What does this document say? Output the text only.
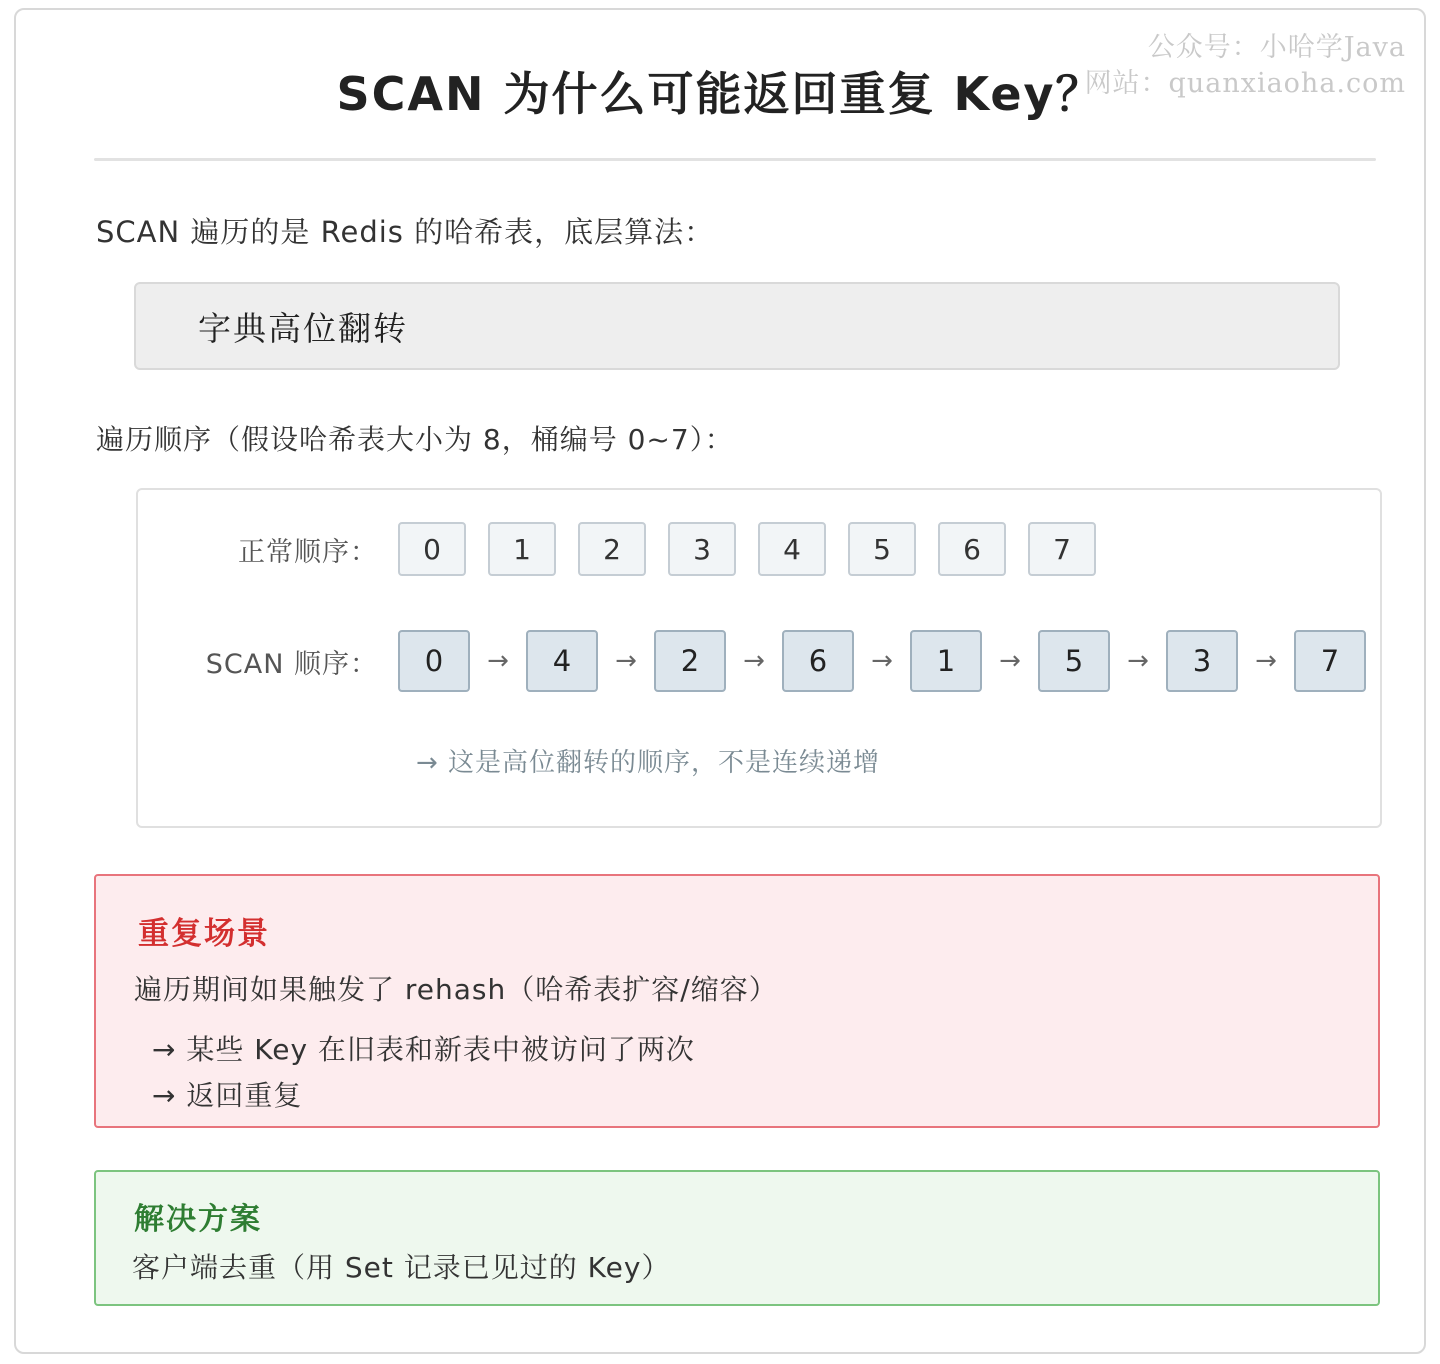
公众号：小哈学Java
网站：quanxiaoha.com
SCAN 为什么可能返回重复 Key？
SCAN 遍历的是 Redis 的哈希表，底层算法：
字典高位翻转
遍历顺序（假设哈希表大小为 8，桶编号 0~7）：
正常顺序：	0	1	2	3	4	5	6	7
SCAN 顺序：	0	→	4	→	2	→	6	→	1	→	5	→	3	→	7
→ 这是高位翻转的顺序，不是连续递增
重复场景
遍历期间如果触发了 rehash（哈希表扩容/缩容）
→ 某些 Key 在旧表和新表中被访问了两次
→ 返回重复
解决方案
客户端去重（用 Set 记录已见过的 Key）
